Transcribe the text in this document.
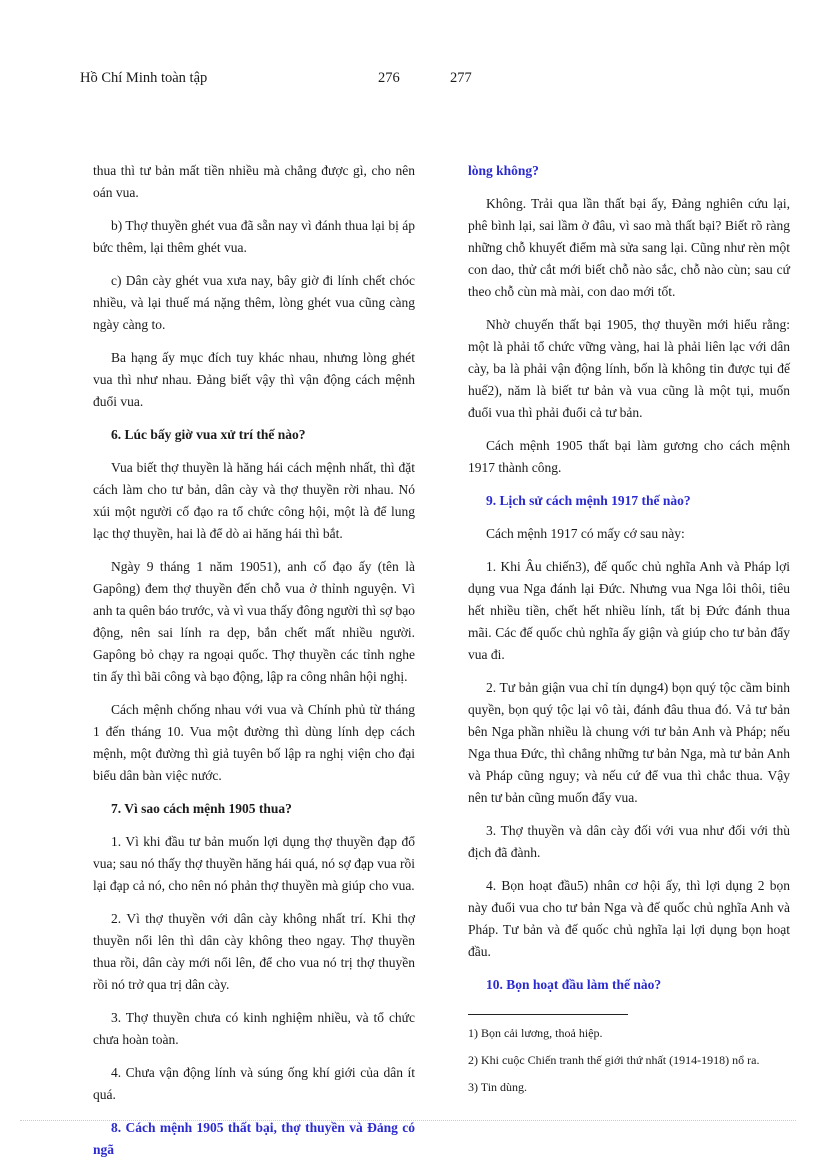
Hồ Chí Minh toàn tập	276	277

thua thì tư bản mất tiền nhiều mà chẳng được gì, cho nên oán vua.

b) Thợ thuyền ghét vua đã sẵn nay vì đánh thua lại bị áp bức thêm, lại thêm ghét vua.

c) Dân cày ghét vua xưa nay, bây giờ đi lính chết chóc nhiều, và lại thuế má nặng thêm, lòng ghét vua cũng càng ngày càng to.

Ba hạng ấy mục đích tuy khác nhau, nhưng lòng ghét vua thì như nhau. Đảng biết vậy thì vận động cách mệnh đuổi vua.

6. Lúc bấy giờ vua xử trí thế nào?

Vua biết thợ thuyền là hăng hái cách mệnh nhất, thì đặt cách làm cho tư bản, dân cày và thợ thuyền rời nhau. Nó xúi một người cố đạo ra tổ chức công hội, một là để lung lạc thợ thuyền, hai là để dò ai hăng hái thì bắt.

Ngày 9 tháng 1 năm 19051), anh cố đạo ấy (tên là Gapông) đem thợ thuyền đến chỗ vua ở thỉnh nguyện. Vì anh ta quên báo trước, và vì vua thấy đông người thì sợ bạo động, nên sai lính ra dẹp, bắn chết mất nhiều người. Gapông bỏ chạy ra ngoại quốc. Thợ thuyền các tỉnh nghe tin ấy thì bãi công và bạo động, lập ra công nhân hội nghị.

Cách mệnh chống nhau với vua và Chính phủ từ tháng 1 đến tháng 10. Vua một đường thì dùng lính dẹp cách mệnh, một đường thì giả tuyên bố lập ra nghị viện cho đại biểu dân bàn việc nước.

7. Vì sao cách mệnh 1905 thua?

1. Vì khi đầu tư bản muốn lợi dụng thợ thuyền đạp đổ vua; sau nó thấy thợ thuyền hăng hái quá, nó sợ đạp vua rồi lại đạp cả nó, cho nên nó phản thợ thuyền mà giúp cho vua.

2. Vì thợ thuyền với dân cày không nhất trí. Khi thợ thuyền nổi lên thì dân cày không theo ngay. Thợ thuyền thua rồi, dân cày mới nổi lên, để cho vua nó trị thợ thuyền rồi nó trở qua trị dân cày.

3. Thợ thuyền chưa có kinh nghiệm nhiều, và tổ chức chưa hoàn toàn.

4. Chưa vận động lính và súng ống khí giới của dân ít quá.

8. Cách mệnh 1905 thất bại, thợ thuyền và Đảng có ngã

lòng không?

Không. Trải qua lần thất bại ấy, Đảng nghiên cứu lại, phê bình lại, sai lầm ở đâu, vì sao mà thất bại? Biết rõ ràng những chỗ khuyết điểm mà sửa sang lại. Cũng như rèn một con dao, thử cắt mới biết chỗ nào sắc, chỗ nào cùn; sau cứ theo chỗ cùn mà mài, con dao mới tốt.

Nhờ chuyến thất bại 1905, thợ thuyền mới hiểu rằng: một là phải tổ chức vững vàng, hai là phải liên lạc với dân cày, ba là phải vận động lính, bốn là không tin được tụi đế huế2), năm là biết tư bản và vua cũng là một tụi, muốn đuổi vua thì phải đuổi cả tư bản.

Cách mệnh 1905 thất bại làm gương cho cách mệnh 1917 thành công.

9. Lịch sử cách mệnh 1917 thế nào?

Cách mệnh 1917 có mấy cớ sau này:

1. Khi Âu chiến3), đế quốc chủ nghĩa Anh và Pháp lợi dụng vua Nga đánh lại Đức. Nhưng vua Nga lôi thôi, tiêu hết nhiều tiền, chết hết nhiều lính, tất bị Đức đánh thua mãi. Các đế quốc chủ nghĩa ấy giận và giúp cho tư bản đẩy vua đi.

2. Tư bản giận vua chỉ tín dụng4) bọn quý tộc cầm binh quyền, bọn quý tộc lại vô tài, đánh đâu thua đó. Vả tư bản bên Nga phần nhiều là chung với tư bản Anh và Pháp; nếu Nga thua Đức, thì chẳng những tư bản Nga, mà tư bản Anh và Pháp cũng nguy; và nếu cứ để vua thì chắc thua. Vậy nên tư bản cũng muốn đẩy vua.

3. Thợ thuyền và dân cày đối với vua như đối với thù địch đã đành.

4. Bọn hoạt đầu5) nhân cơ hội ấy, thì lợi dụng 2 bọn này đuổi vua cho tư bản Nga và đế quốc chủ nghĩa Anh và Pháp. Tư bản và đế quốc chủ nghĩa lại lợi dụng bọn hoạt đầu.

10. Bọn hoạt đầu làm thế nào?

1) Bọn cải lương, thoả hiệp.

2) Khi cuộc Chiến tranh thế giới thứ nhất (1914-1918) nổ ra.

3) Tin dùng.
